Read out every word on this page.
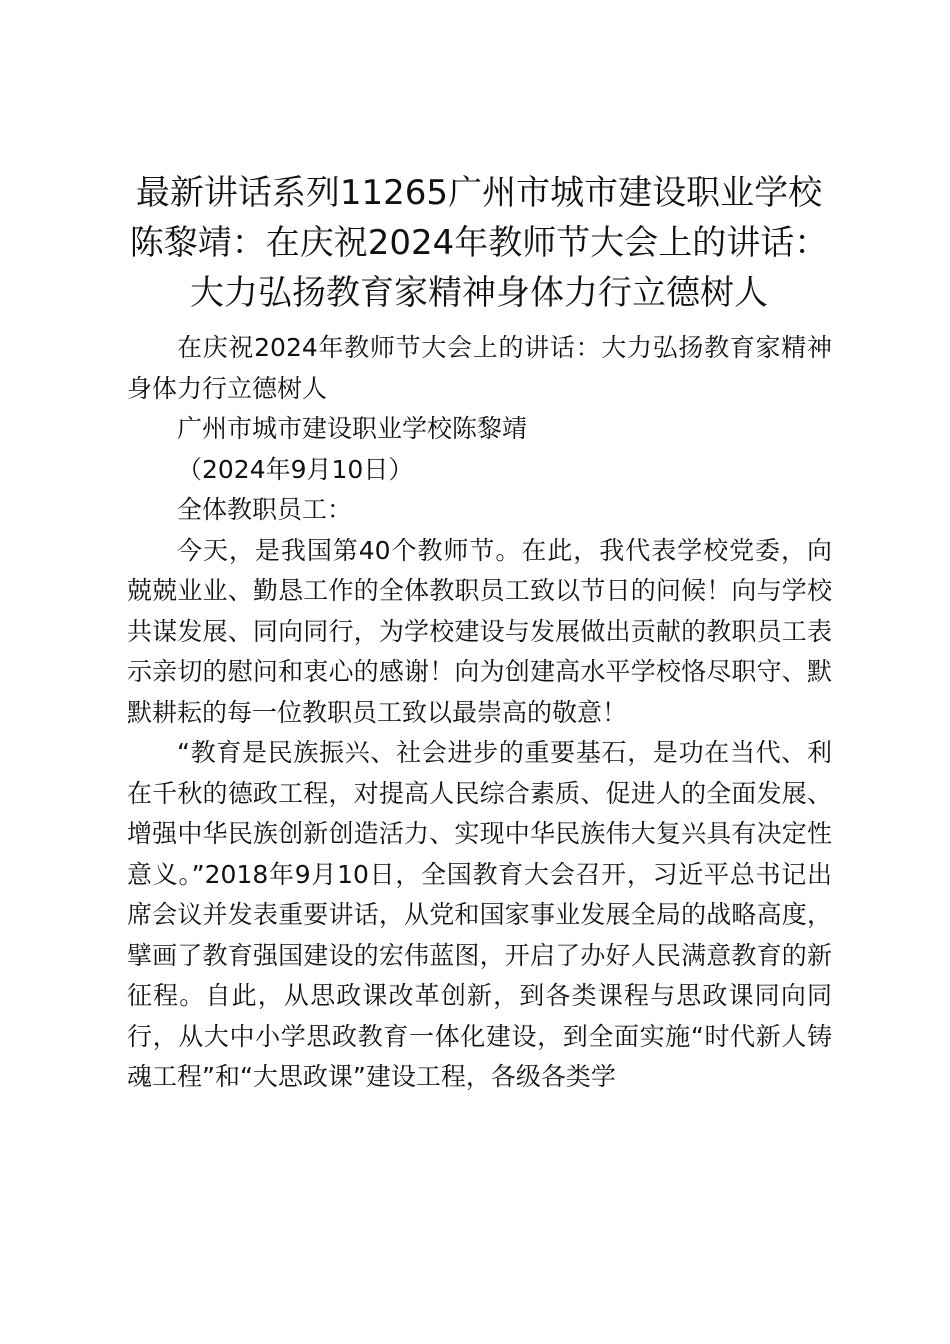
最新讲话系列11265广州市城市建设职业学校陈黎靖：在庆祝2024年教师节大会上的讲话：大力弘扬教育家精神身体力行立德树人

在庆祝2024年教师节大会上的讲话：大力弘扬教育家精神身体力行立德树人

广州市城市建设职业学校陈黎靖

（2024年9月10日）

全体教职员工：

今天，是我国第40个教师节。在此，我代表学校党委，向兢兢业业、勤恳工作的全体教职员工致以节日的问候！向与学校共谋发展、同向同行，为学校建设与发展做出贡献的教职员工表示亲切的慰问和衷心的感谢！向为创建高水平学校恪尽职守、默默耕耘的每一位教职员工致以最崇高的敬意！

“教育是民族振兴、社会进步的重要基石，是功在当代、利在千秋的德政工程，对提高人民综合素质、促进人的全面发展、增强中华民族创新创造活力、实现中华民族伟大复兴具有决定性意义。”2018年9月10日，全国教育大会召开，习近平总书记出席会议并发表重要讲话，从党和国家事业发展全局的战略高度，擘画了教育强国建设的宏伟蓝图，开启了办好人民满意教育的新征程。自此，从思政课改革创新，到各类课程与思政课同向同行，从大中小学思政教育一体化建设，到全面实施“时代新人铸魂工程”和“大思政课”建设工程，各级各类学
